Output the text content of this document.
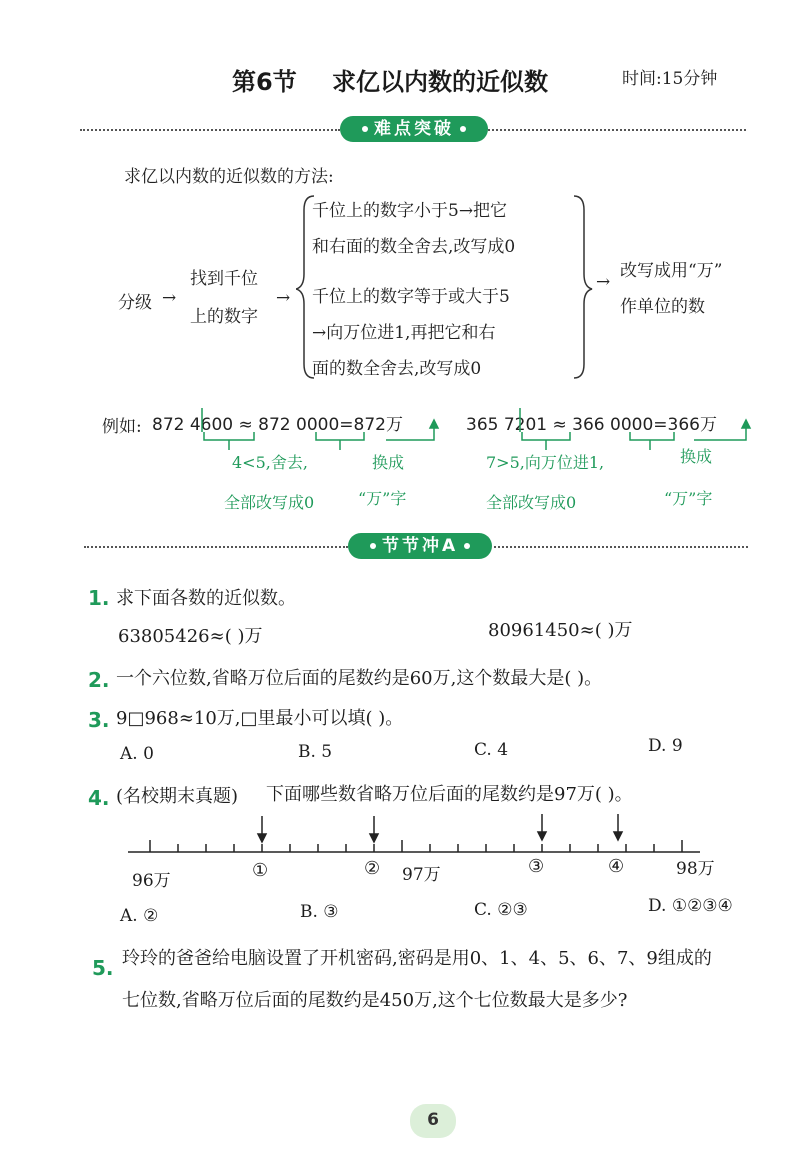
第6节 求亿以内数的近似数	时间:15分钟
难点突破
求亿以内数的近似数的方法:
分级 →
找到千位
上的数字
→
千位上的数字小于5→把它
和右面的数全舍去,改写成0
千位上的数字等于或大于5
→向万位进1,再把它和右
面的数全舍去,改写成0
→
改写成用“万”
作单位的数
例如: 872 4600 ≈ 872 0000=872万	365 7201 ≈ 366 0000=366万
4<5,舍去,	换成
全部改写成0	“万”字
7>5,向万位进1,	换成
全部改写成0	“万”字
节节冲A
1. 求下面各数的近似数。
63805426≈( )万	80961450≈( )万
2. 一个六位数,省略万位后面的尾数约是60万,这个数最大是( )。
3. 9□968≈10万,□里最小可以填( )。
A. 0	B. 5	C. 4	D. 9
4. (名校期末真题) 下面哪些数省略万位后面的尾数约是97万( )。
96万	97万	98万
①	②	③	④
A. ②	B. ③	C. ②③	D. ①②③④
5. 玲玲的爸爸给电脑设置了开机密码,密码是用0、1、4、5、6、7、9组成的
七位数,省略万位后面的尾数约是450万,这个七位数最大是多少?
6
